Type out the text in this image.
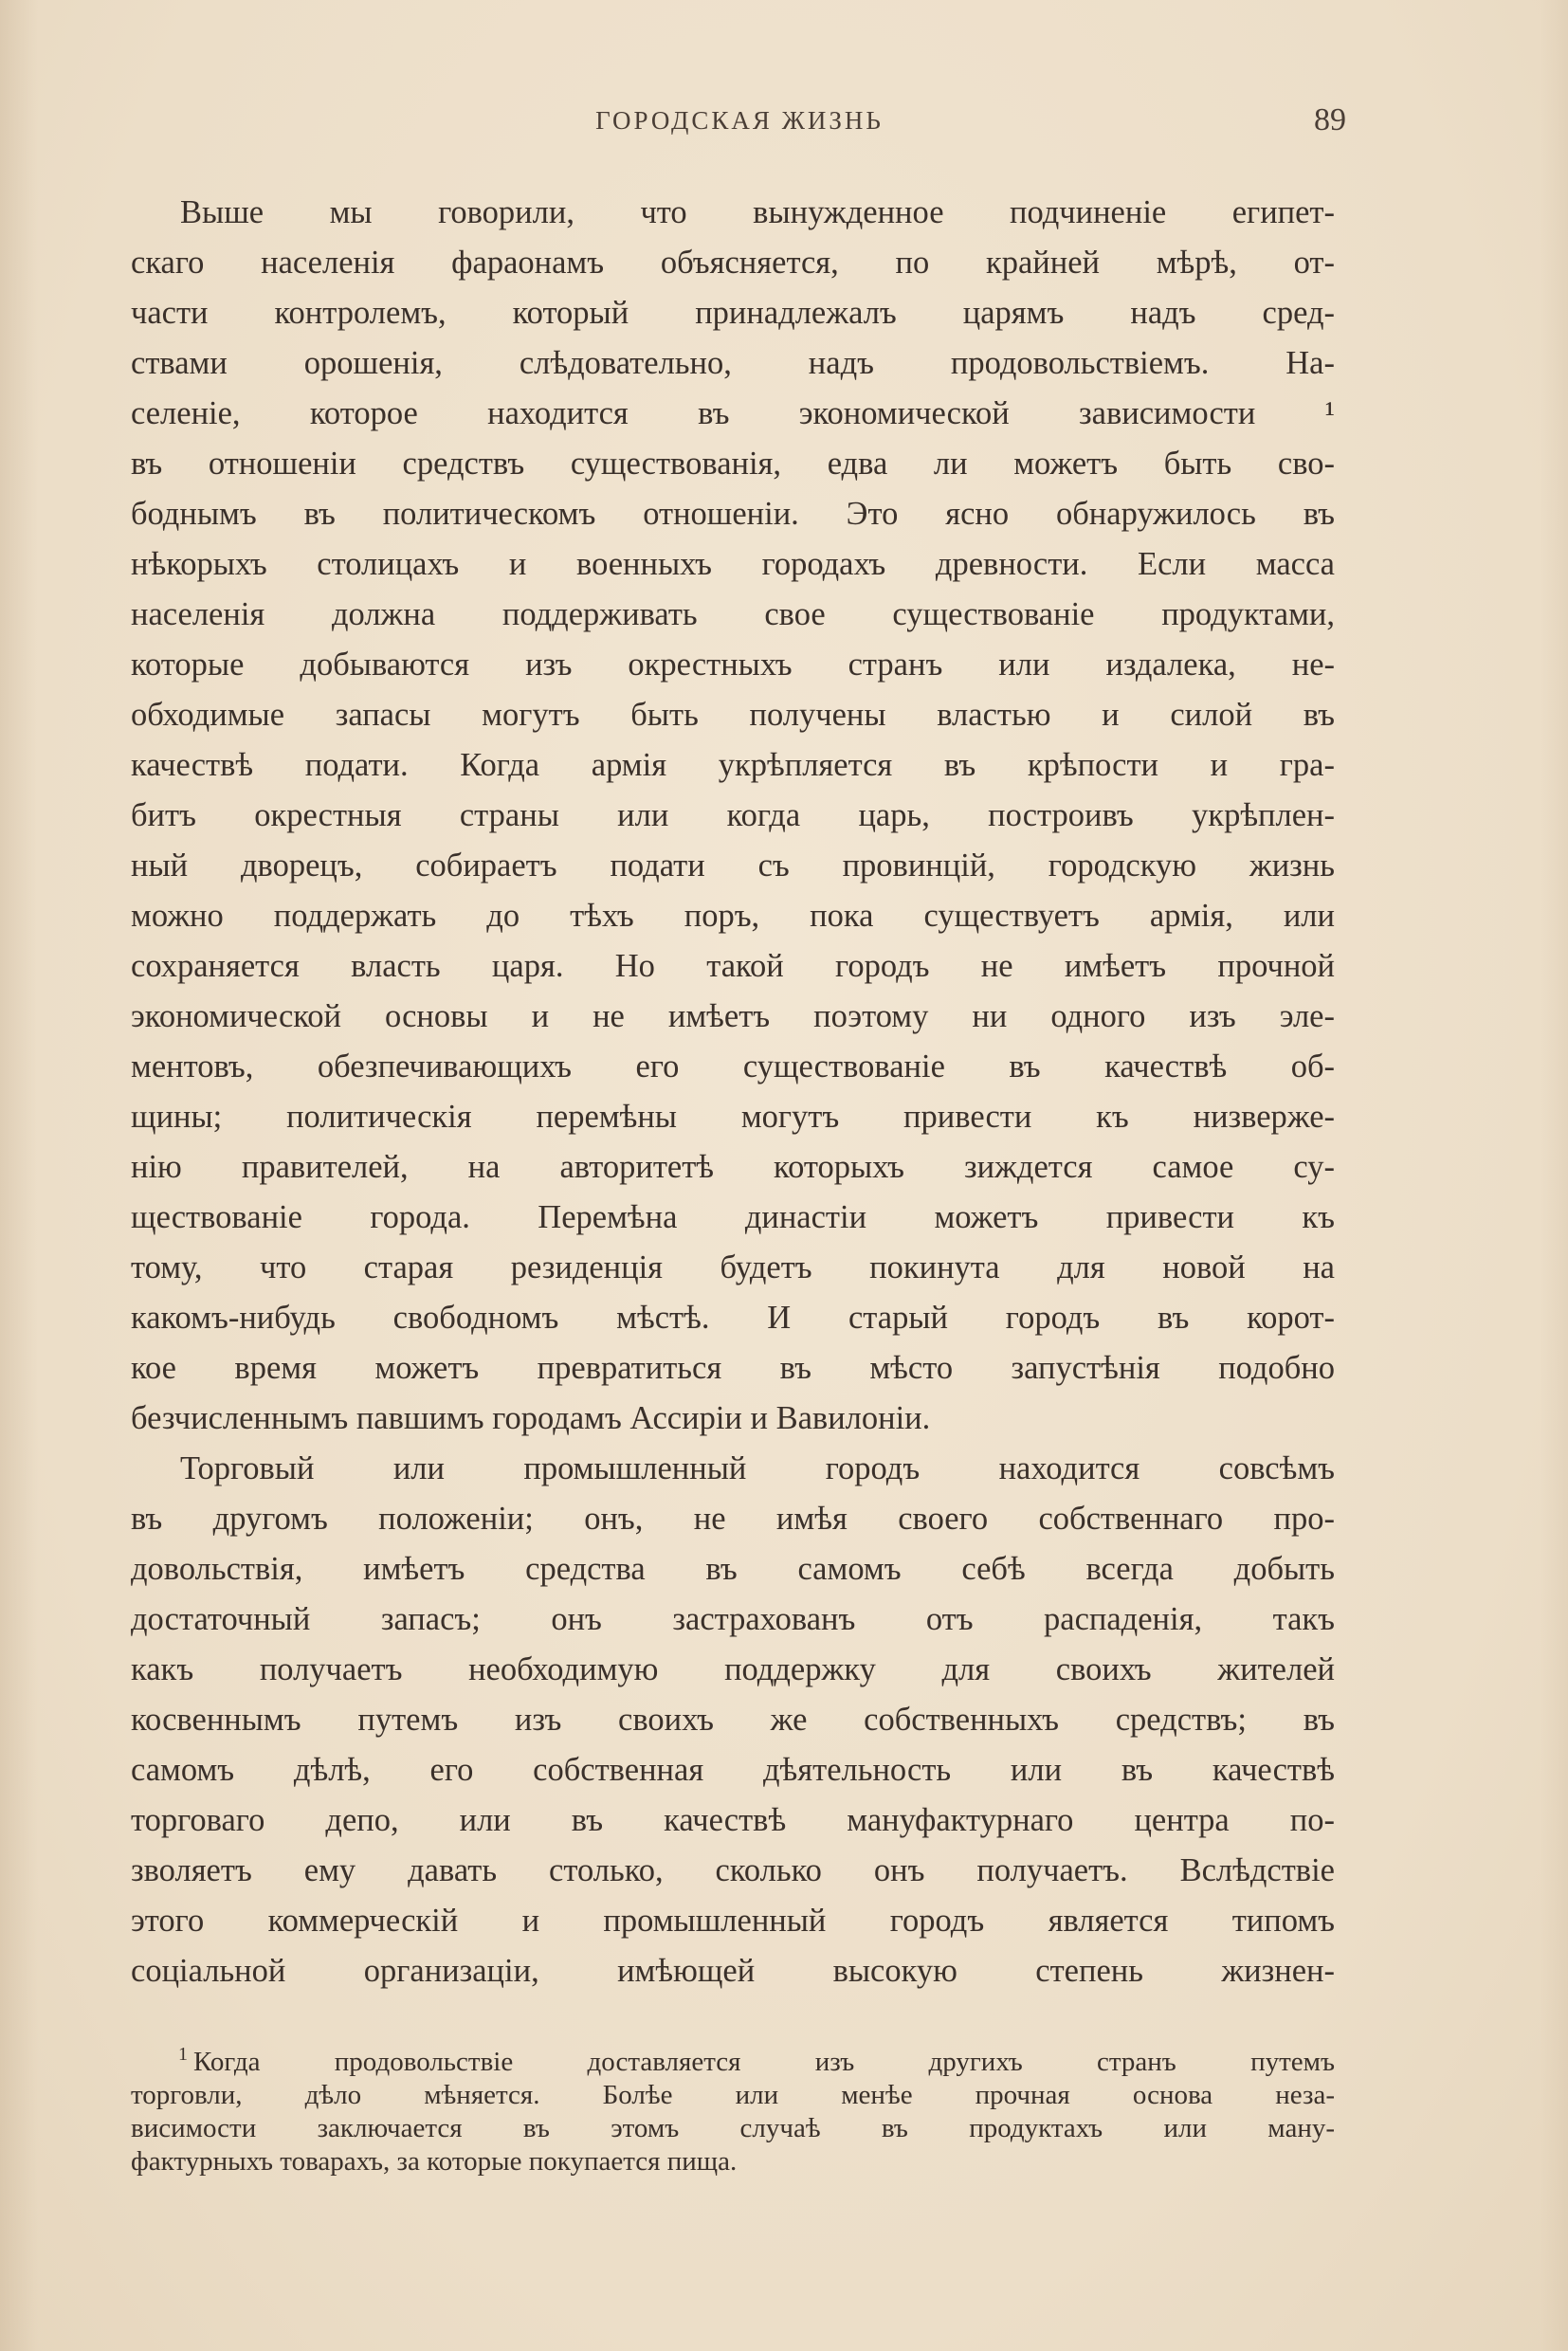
ГОРОДСКАЯ ЖИЗНЬ	89
Выше мы говорили, что вынужденное подчиненіе египет-
скаго населенія фараонамъ объясняется, по крайней мѣрѣ, от-
части контролемъ, который принадлежалъ царямъ надъ сред-
ствами орошенія, слѣдовательно, надъ продовольствіемъ. На-
селеніе, которое находится въ экономической зависимости ¹
въ отношеніи средствъ существованія, едва ли можетъ быть сво-
боднымъ въ политическомъ отношеніи. Это ясно обнаружилось въ
нѣкорыхъ столицахъ и военныхъ городахъ древности. Если масса
населенія должна поддерживать свое существованіе продуктами,
которые добываются изъ окрестныхъ странъ или издалека, не-
обходимые запасы могутъ быть получены властью и силой въ
качествѣ подати. Когда армія укрѣпляется въ крѣпости и гра-
битъ окрестныя страны или когда царь, построивъ укрѣплен-
ный дворецъ, собираетъ подати съ провинцій, городскую жизнь
можно поддержать до тѣхъ поръ, пока существуетъ армія, или
сохраняется власть царя. Но такой городъ не имѣетъ прочной
экономической основы и не имѣетъ поэтому ни одного изъ эле-
ментовъ, обезпечивающихъ его существованіе въ качествѣ об-
щины; политическія перемѣны могутъ привести къ низверже-
нію правителей, на авторитетѣ которыхъ зиждется самое су-
ществованіе города. Перемѣна династіи можетъ привести къ
тому, что старая резиденція будетъ покинута для новой на
какомъ-нибудь свободномъ мѣстѣ. И старый городъ въ корот-
кое время можетъ превратиться въ мѣсто запустѣнія подобно
безчисленнымъ павшимъ городамъ Ассиріи и Вавилоніи.
Торговый или промышленный городъ находится совсѣмъ
въ другомъ положеніи; онъ, не имѣя своего собственнаго про-
довольствія, имѣетъ средства въ самомъ себѣ всегда добыть
достаточный запасъ; онъ застрахованъ отъ распаденія, такъ
какъ получаетъ необходимую поддержку для своихъ жителей
косвеннымъ путемъ изъ своихъ же собственныхъ средствъ; въ
самомъ дѣлѣ, его собственная дѣятельность или въ качествѣ
торговаго депо, или въ качествѣ мануфактурнаго центра по-
зволяетъ ему давать столько, сколько онъ получаетъ. Вслѣдствіе
этого коммерческій и промышленный городъ является типомъ
соціальной организаціи, имѣющей высокую степень жизнен-
$^1$ Когда продовольствіе доставляется изъ другихъ странъ путемъ
торговли, дѣло мѣняется. Болѣе или менѣе прочная основа неза-
висимости заключается въ этомъ случаѣ въ продуктахъ или ману-
фактурныхъ товарахъ, за которые покупается пища.
